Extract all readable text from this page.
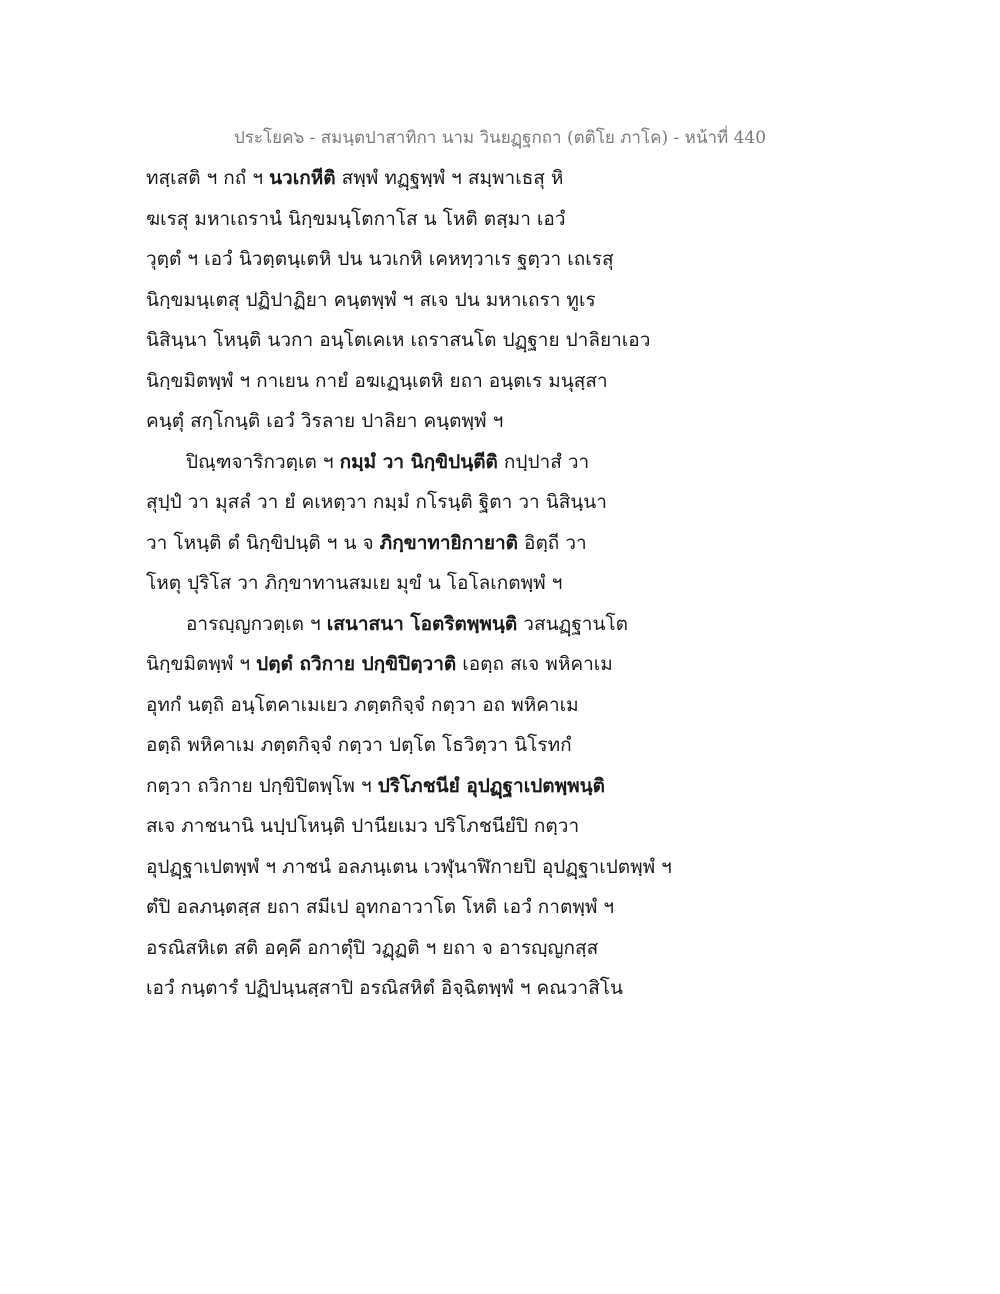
ประโยค๖ - สมนฺตปาสาทิกา นาม วินยฏฺฐกถา (ตติโย ภาโค) - หน้าที่ 440
ทสฺเสติ ฯ กถํ ฯ นวเกหีติ สพฺพํ ทฏฺฐพฺพํ ฯ สมฺพาเธสุ หิ
ฆเรสุ มหาเถรานํ นิกฺขมนฺโตกาโส น โหติ ตสฺมา เอวํ
วุตฺตํ ฯ เอวํ นิวตฺตนฺเตหิ ปน นวเกหิ เคหทฺวาเร ฐตฺวา เถเรสุ
นิกฺขมนฺเตสุ ปฏิปาฏิยา คนฺตพฺพํ ฯ สเจ ปน มหาเถรา ทูเร
นิสินฺนา โหนฺติ นวกา อนฺโตเคเห เถราสนโต ปฏฺฐาย ปาลิยาเอว
นิกฺขมิตพฺพํ ฯ กาเยน กายํ อฆเฏนฺเตหิ ยถา อนฺตเร มนุสฺสา
คนฺตุํ สกฺโกนฺติ เอวํ วิรลาย ปาลิยา คนฺตพฺพํ ฯ
ปิณฺฑจาริกวตฺเต ฯ กมฺมํ วา นิกฺขิปนฺตีติ กปฺปาสํ วา
สุปฺปํ วา มุสลํ วา ยํ คเหตฺวา กมฺมํ กโรนฺติ ฐิตา วา นิสินฺนา
วา โหนฺติ ตํ นิกฺขิปนฺติ ฯ น จ ภิกฺขาทายิกายาติ อิตฺถี วา
โหตุ ปุริโส วา ภิกฺขาทานสมเย มุขํ น โอโลเกตพฺพํ ฯ
อารญฺญกวตฺเต ฯ เสนาสนา โอตริตพฺพนฺติ วสนฏฺฐานโต
นิกฺขมิตพฺพํ ฯ ปตฺตํ ถวิกาย ปกฺขิปิตฺวาติ เอตฺถ สเจ พหิคาเม
อุทกํ นตฺถิ อนฺโตคาเมเยว ภตฺตกิจฺจํ กตฺวา อถ พหิคาเม
อตฺถิ พหิคาเม ภตฺตกิจฺจํ กตฺวา ปตฺโต โธวิตฺวา นิโรทกํ
กตฺวา ถวิกาย ปกฺขิปิตพฺโพ ฯ ปริโภชนียํ อุปฏฺฐาเปตพฺพนฺติ
สเจ ภาชนานิ นปฺปโหนฺติ ปานียเมว ปริโภชนียํปิ กตฺวา
อุปฏฺฐาเปตพฺพํ ฯ ภาชนํ อลภนฺเตน เวฬุนาฬิกายปิ อุปฏฺฐาเปตพฺพํ ฯ
ตํปิ อลภนฺตสฺส ยถา สมีเป อุทกอาวาโต โหติ เอวํ กาตพฺพํ ฯ
อรณิสหิเต สติ อคฺคึ อกาตุํปิ วฏฺฏติ ฯ ยถา จ อารญฺญกสฺส
เอวํ กนฺตารํ ปฏิปนฺนสฺสาปิ อรณิสหิตํ อิจฺฉิตพฺพํ ฯ คณวาสิโน
